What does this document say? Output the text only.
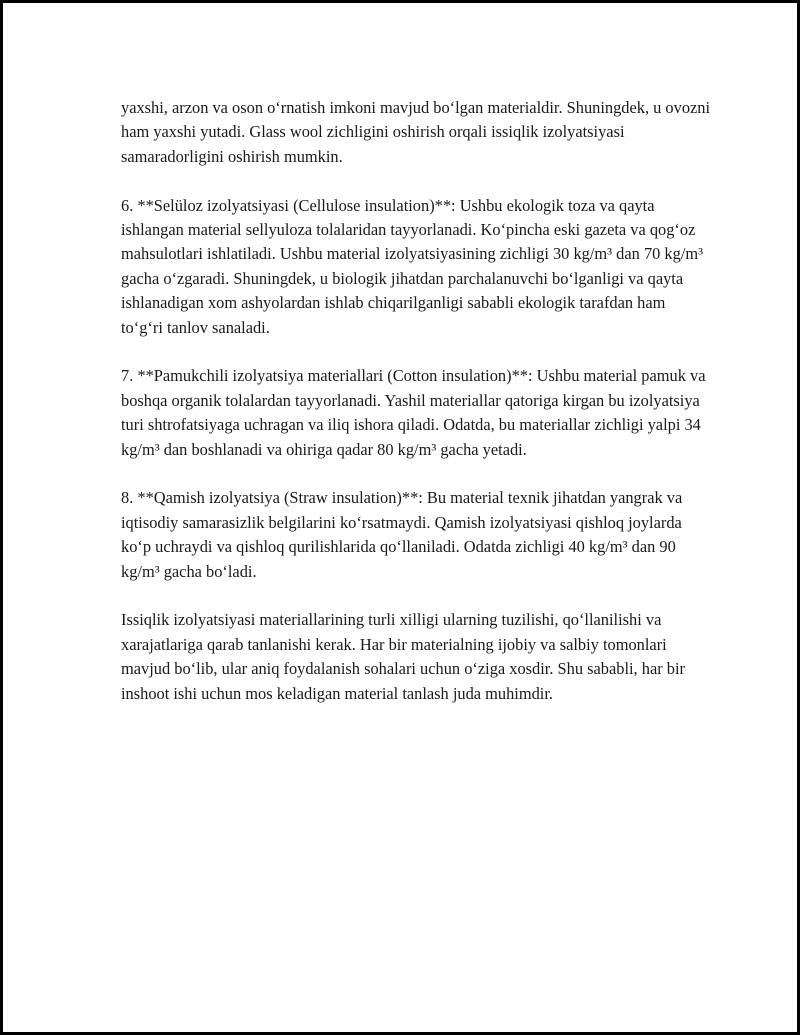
yaxshi, arzon va oson o‘rnatish imkoni mavjud bo‘lgan materialdir. Shuningdek, u ovozni ham yaxshi yutadi. Glass wool zichligini oshirish orqali issiqlik izolyatsiyasi samaradorligini oshirish mumkin.

6. **Selüloz izolyatsiyasi (Cellulose insulation)**: Ushbu ekologik toza va qayta ishlangan material sellyuloza tolalaridan tayyorlanadi. Ko‘pincha eski gazeta va qog‘oz mahsulotlari ishlatiladi. Ushbu material izolyatsiyasining zichligi 30 kg/m³ dan 70 kg/m³ gacha o‘zgaradi. Shuningdek, u biologik jihatdan parchalanuvchi bo‘lganligi va qayta ishlanadigan xom ashyolardan ishlab chiqarilganligi sababli ekologik tarafdan ham to‘g‘ri tanlov sanaladi.

7. **Pamukchili izolyatsiya materiallari (Cotton insulation)**: Ushbu material pamuk va boshqa organik tolalardan tayyorlanadi. Yashil materiallar qatoriga kirgan bu izolyatsiya turi shtrofatsiyaga uchragan va iliq ishora qiladi. Odatda, bu materiallar zichligi yalpi 34 kg/m³ dan boshlanadi va ohiriga qadar 80 kg/m³ gacha yetadi.

8. **Qamish izolyatsiya (Straw insulation)**: Bu material texnik jihatdan yangrak va iqtisodiy samarasizlik belgilarini ko‘rsatmaydi. Qamish izolyatsiyasi qishloq joylarda ko‘p uchraydi va qishloq qurilishlarida qo‘llaniladi. Odatda zichligi 40 kg/m³ dan 90 kg/m³ gacha bo‘ladi.

Issiqlik izolyatsiyasi materiallarining turli xilligi ularning tuzilishi, qo‘llanilishi va xarajatlariga qarab tanlanishi kerak. Har bir materialning ijobiy va salbiy tomonlari mavjud bo‘lib, ular aniq foydalanish sohalari uchun o‘ziga xosdir. Shu sababli, har bir inshoot ishi uchun mos keladigan material tanlash juda muhimdir.
